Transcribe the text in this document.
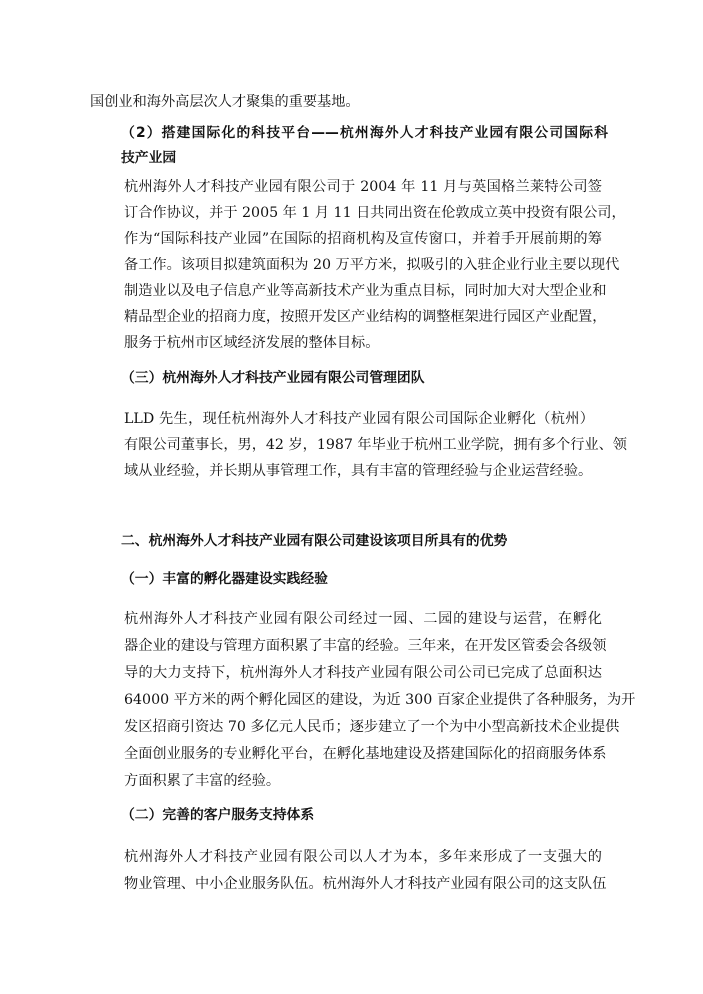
国创业和海外高层次人才聚集的重要基地。
（2）搭建国际化的科技平台——杭州海外人才科技产业园有限公司国际科
技产业园
杭州海外人才科技产业园有限公司于 2004 年 11 月与英国格兰莱特公司签
订合作协议，并于 2005 年 1 月 11 日共同出资在伦敦成立英中投资有限公司，
作为“国际科技产业园”在国际的招商机构及宣传窗口，并着手开展前期的筹
备工作。该项目拟建筑面积为 20 万平方米，拟吸引的入驻企业行业主要以现代
制造业以及电子信息产业等高新技术产业为重点目标，同时加大对大型企业和
精品型企业的招商力度，按照开发区产业结构的调整框架进行园区产业配置，
服务于杭州市区域经济发展的整体目标。
（三）杭州海外人才科技产业园有限公司管理团队
LLD 先生，现任杭州海外人才科技产业园有限公司国际企业孵化（杭州）
有限公司董事长，男，42 岁，1987 年毕业于杭州工业学院，拥有多个行业、领
域从业经验，并长期从事管理工作，具有丰富的管理经验与企业运营经验。
二、杭州海外人才科技产业园有限公司建设该项目所具有的优势
（一）丰富的孵化器建设实践经验
杭州海外人才科技产业园有限公司经过一园、二园的建设与运营，在孵化
器企业的建设与管理方面积累了丰富的经验。三年来，在开发区管委会各级领
导的大力支持下，杭州海外人才科技产业园有限公司公司已完成了总面积达
64000 平方米的两个孵化园区的建设，为近 300 百家企业提供了各种服务，为开
发区招商引资达 70 多亿元人民币；逐步建立了一个为中小型高新技术企业提供
全面创业服务的专业孵化平台，在孵化基地建设及搭建国际化的招商服务体系
方面积累了丰富的经验。
（二）完善的客户服务支持体系
杭州海外人才科技产业园有限公司以人才为本，多年来形成了一支强大的
物业管理、中小企业服务队伍。杭州海外人才科技产业园有限公司的这支队伍
